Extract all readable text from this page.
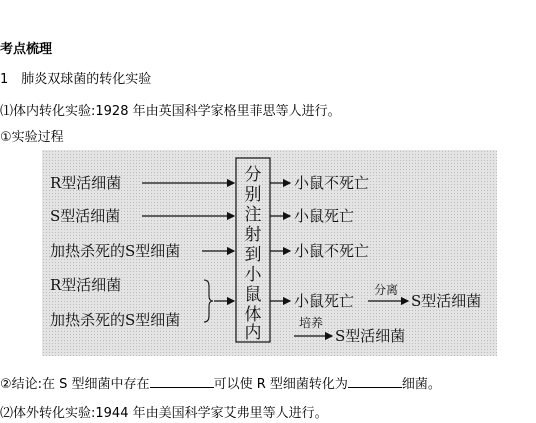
考点梳理
1　肺炎双球菌的转化实验
⑴体内转化实验:1928 年由英国科学家格里菲思等人进行。
①实验过程
R型活细菌
S型活细菌
加热杀死的S型细菌
R型活细菌
加热杀死的S型细菌
分
别
注
射
到
小
鼠
体
内
小鼠不死亡
小鼠死亡
小鼠不死亡
小鼠死亡
分离
S型活细菌
培养
S型活细菌
②结论:在 S 型细菌中存在	可以使 R 型细菌转化为	细菌。
⑵体外转化实验:1944 年由美国科学家艾弗里等人进行。
